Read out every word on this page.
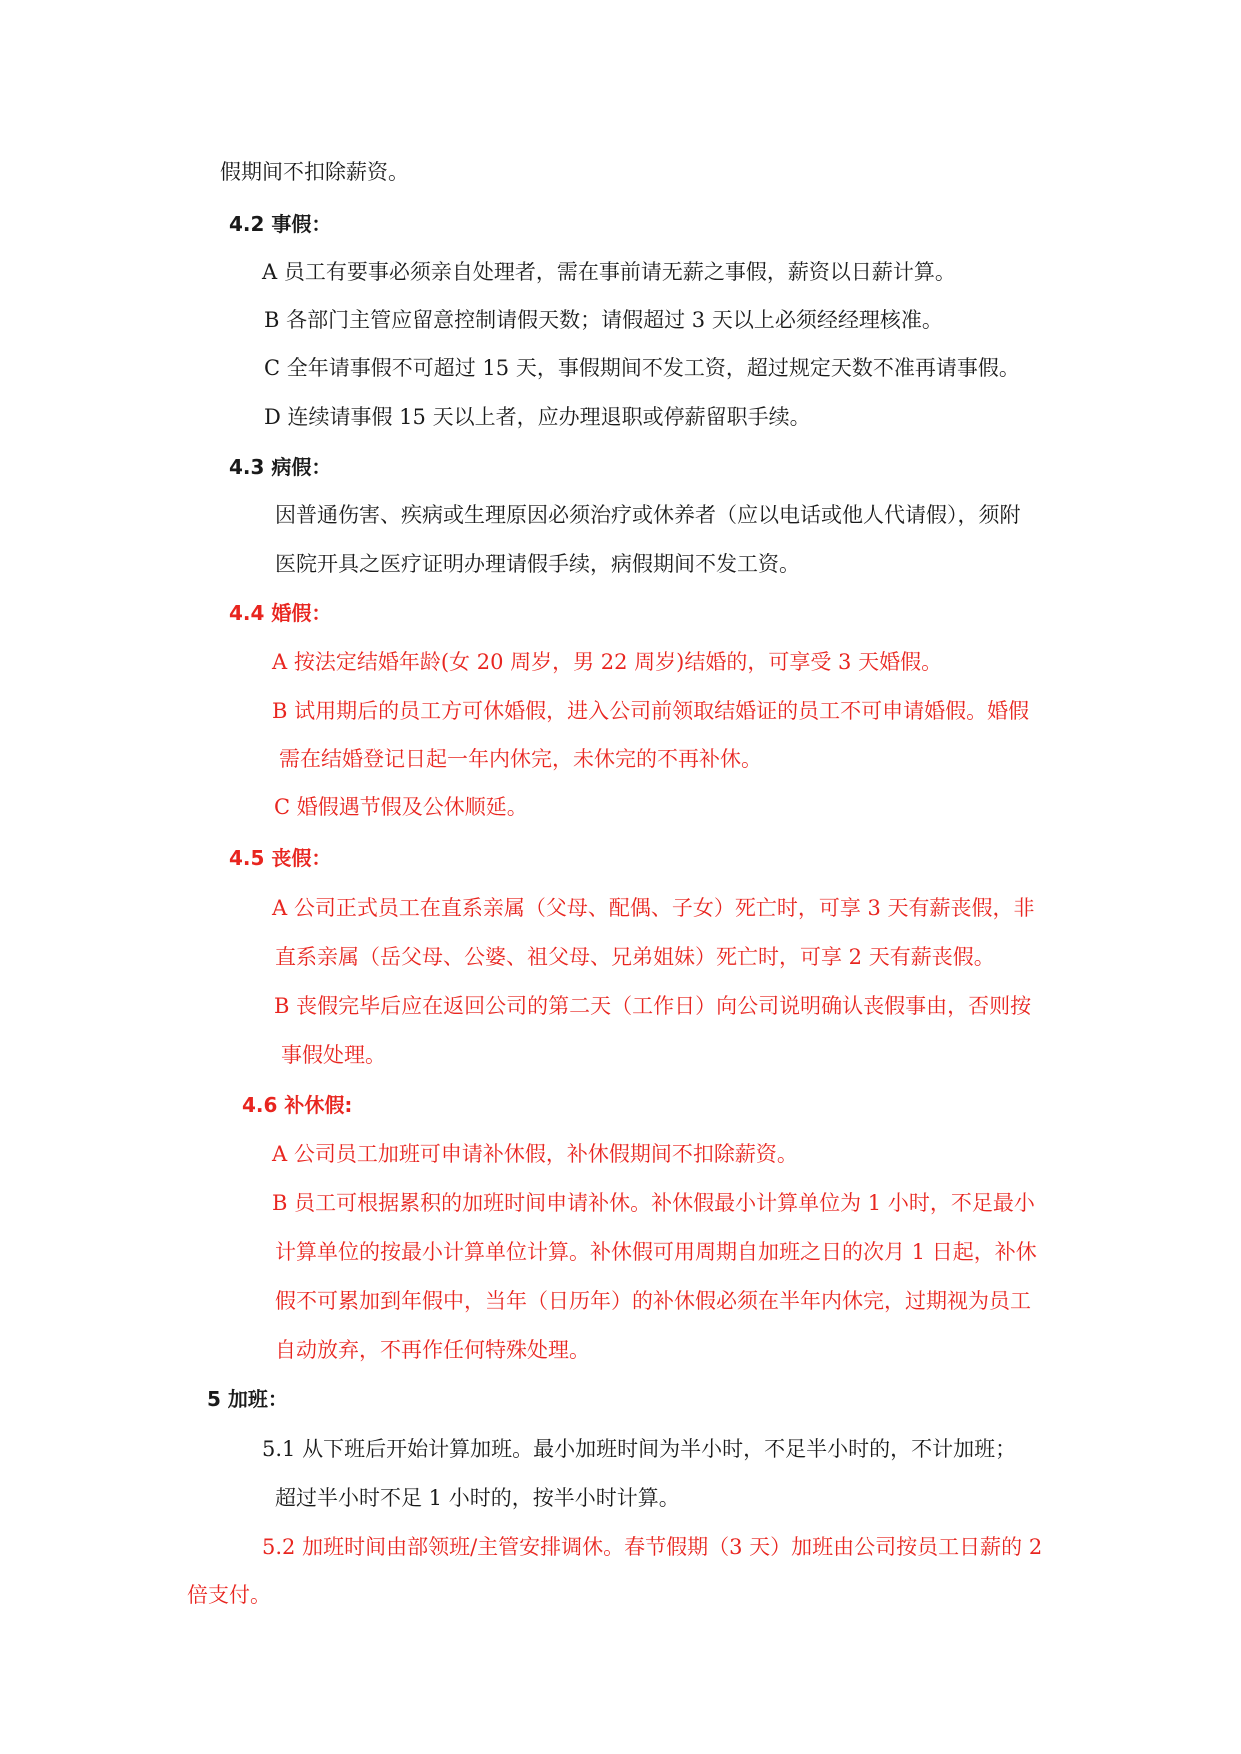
假期间不扣除薪资。
4.2 事假：
A 员工有要事必须亲自处理者，需在事前请无薪之事假，薪资以日薪计算。
B 各部门主管应留意控制请假天数；请假超过 3 天以上必须经经理核准。
C 全年请事假不可超过 15 天，事假期间不发工资，超过规定天数不准再请事假。
D 连续请事假 15 天以上者，应办理退职或停薪留职手续。
4.3 病假：
因普通伤害、疾病或生理原因必须治疗或休养者（应以电话或他人代请假），须附
医院开具之医疗证明办理请假手续，病假期间不发工资。
4.4 婚假：
A 按法定结婚年龄(女 20 周岁，男 22 周岁)结婚的，可享受 3 天婚假。
B 试用期后的员工方可休婚假，进入公司前领取结婚证的员工不可申请婚假。婚假
需在结婚登记日起一年内休完，未休完的不再补休。
C 婚假遇节假及公休顺延。
4.5 丧假：
A 公司正式员工在直系亲属（父母、配偶、子女）死亡时，可享 3 天有薪丧假，非
直系亲属（岳父母、公婆、祖父母、兄弟姐妹）死亡时，可享 2 天有薪丧假。
B 丧假完毕后应在返回公司的第二天（工作日）向公司说明确认丧假事由，否则按
事假处理。
4.6 补休假:
A 公司员工加班可申请补休假，补休假期间不扣除薪资。
B 员工可根据累积的加班时间申请补休。补休假最小计算单位为 1 小时，不足最小
计算单位的按最小计算单位计算。补休假可用周期自加班之日的次月 1 日起，补休
假不可累加到年假中，当年（日历年）的补休假必须在半年内休完，过期视为员工
自动放弃，不再作任何特殊处理。
5 加班：
5.1 从下班后开始计算加班。最小加班时间为半小时，不足半小时的，不计加班；
超过半小时不足 1 小时的，按半小时计算。
5.2 加班时间由部领班/主管安排调休。春节假期（3 天）加班由公司按员工日薪的 2
倍支付。
